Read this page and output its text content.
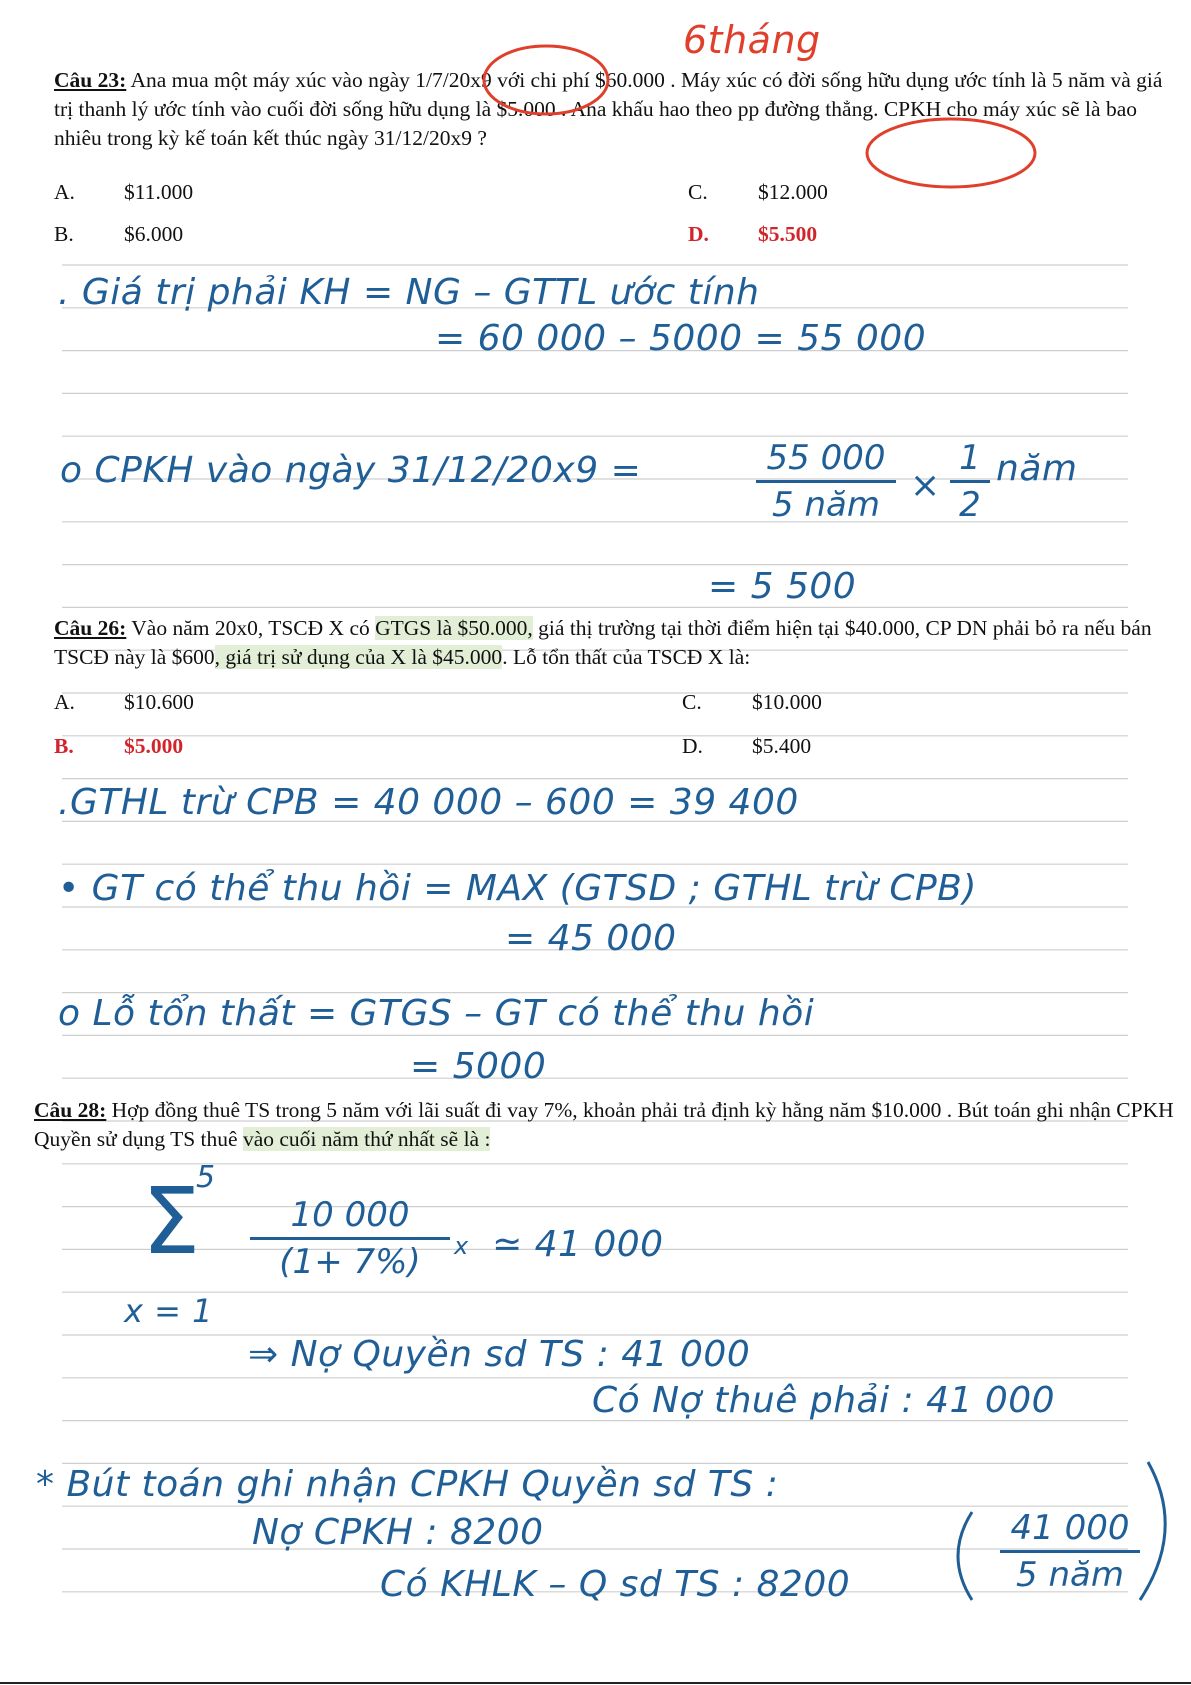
6tháng
Câu 23: Ana mua một máy xúc vào ngày 1/7/20x9 với chi phí $60.000 . Máy xúc có đời sống hữu dụng ước tính là 5 năm và giá trị thanh lý ước tính vào cuối đời sống hữu dụng là $5.000 . Ana khấu hao theo pp đường thẳng. CPKH cho máy xúc sẽ là bao nhiêu trong kỳ kế toán kết thúc ngày 31/12/20x9 ?
A. $11.000	C. $12.000
B. $6.000	D. $5.500
. Giá trị phải KH = NG – GTTL ước tính
= 60 000 – 5000 = 55 000
o CPKH vào ngày 31/12/20x9 =	55 000
5 năm ×
1
2
năm
= 5 500
Câu 26: Vào năm 20x0, TSCĐ X có GTGS là $50.000, giá thị trường tại thời điểm hiện tại $40.000, CP DN phải bỏ ra nếu bán TSCĐ này là $600, giá trị sử dụng của X là $45.000. Lỗ tổn thất của TSCĐ X là:
A. $10.600	C. $10.000
B. $5.000	D. $5.400
.GTHL trừ CPB = 40 000 – 600 = 39 400
• GT có thể thu hồi = MAX (GTSD ; GTHL trừ CPB)
= 45 000
o Lỗ tổn thất = GTGS – GT có thể thu hồi
= 5000
Câu 28: Hợp đồng thuê TS trong 5 năm với lãi suất đi vay 7%, khoản phải trả định kỳ hằng năm $10.000 . Bút toán ghi nhận CPKH Quyền sử dụng TS thuê vào cuối năm thứ nhất sẽ là :
5
Σ
x = 1
10 000
(1+ 7%)	x ≃ 41 000
⇒ Nợ Quyền sd TS : 41 000
Có Nợ thuê phải : 41 000
* Bút toán ghi nhận CPKH Quyền sd TS :
Nợ CPKH : 8200
Có KHLK – Q sd TS : 8200
41 000
5 năm
